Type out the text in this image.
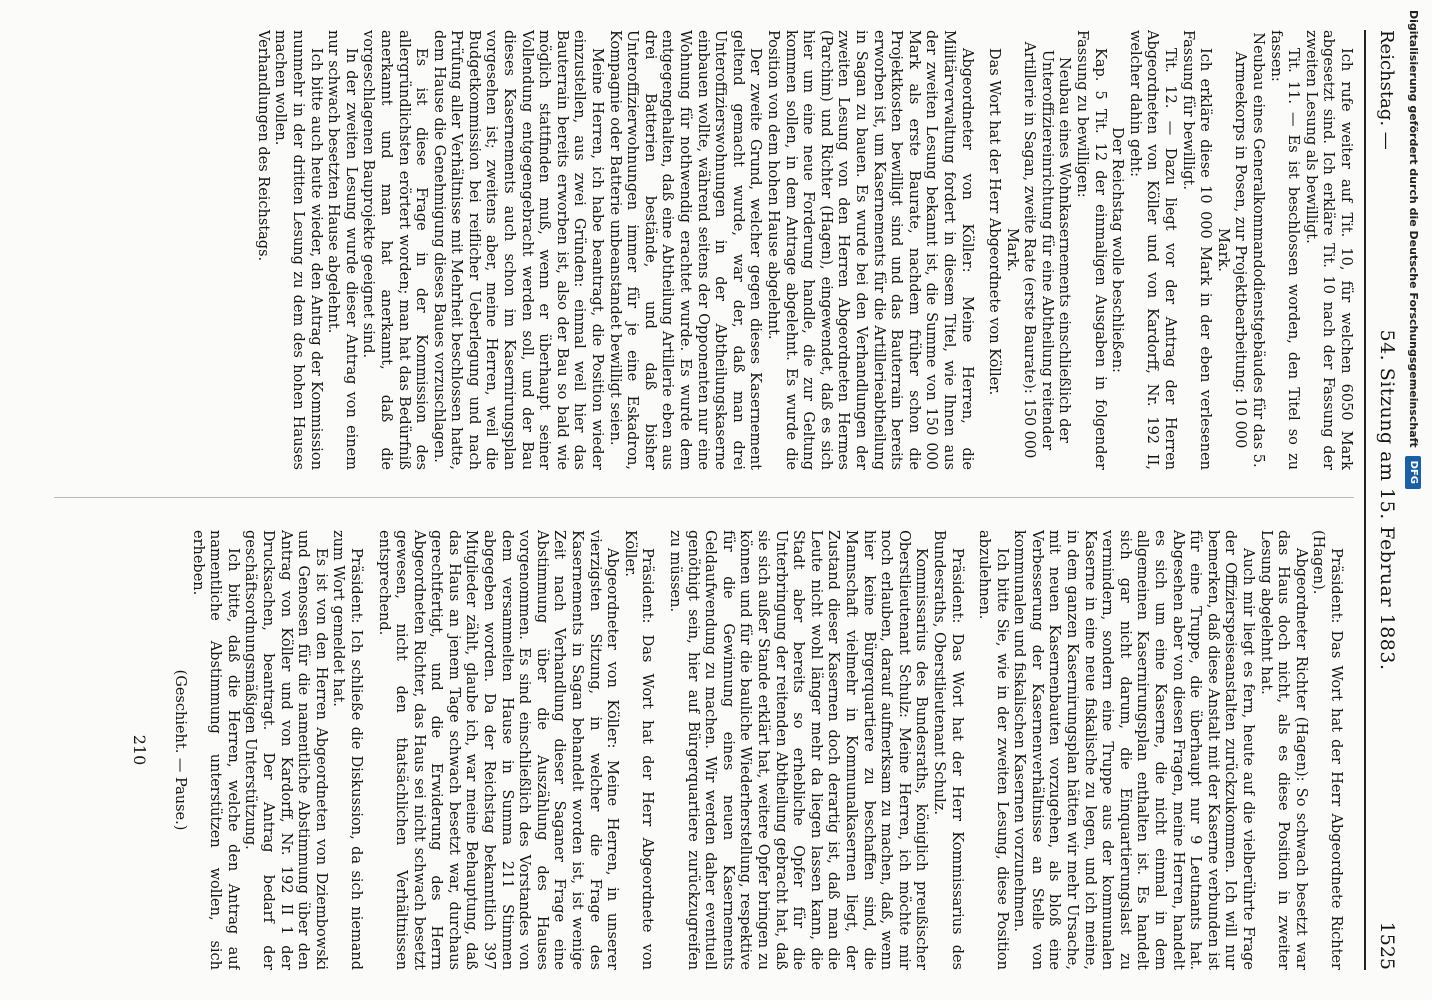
Reichstag. —
54. Sitzung am 15. Februar 1883.
1525

Ich rufe weiter auf Tit. 10, für welchen 6050 Mark abgesetzt sind. Ich erkläre Tit. 10 nach der Fassung der zweiten Lesung als bewilligt.

Tit. 11. — Es ist beschlossen worden, den Titel so zu fassen:

Neubau eines Generalkommandodienstgebäudes für das 5. Armeekorps in Posen, zur Projektbearbeitung: 10 000 Mark.

Ich erkläre diese 10 000 Mark in der eben verlesenen Fassung für bewilligt.

Tit. 12. — Dazu liegt vor der Antrag der Herren Abgeordneten von Köller und von Kardorff, Nr. 192 II, welcher dahin geht:

Der Reichstag wolle beschließen:

Kap. 5 Tit. 12 der einmaligen Ausgaben in folgender Fassung zu bewilligen:

Neubau eines Wohnkasernements einschließlich der Unteroffiziereinrichtung für eine Abtheilung reitender Artillerie in Sagan, zweite Rate (erste Baurate): 150 000 Mark.

Das Wort hat der Herr Abgeordnete von Köller.

Abgeordneter von Köller: Meine Herren, die Militärverwaltung fordert in diesem Titel, wie Ihnen aus der zweiten Lesung bekannt ist, die Summe von 150 000 Mark als erste Baurate, nachdem früher schon die Projektkosten bewilligt sind und das Bauterrain bereits erworben ist, um Kasernements für die Artillerieabtheilung in Sagan zu bauen. Es wurde bei den Verhandlungen der zweiten Lesung von den Herren Abgeordneten Hermes (Parchim) und Richter (Hagen), eingewendet, daß es sich hier um eine neue Forderung handle, die zur Geltung kommen sollen, in dem Antrage abgelehnt. Es wurde die Position von dem hohen Hause abgelehnt.

Der zweite Grund, welcher gegen dieses Kasernement geltend gemacht wurde, war der, daß man drei Unteroffizierswohnungen in der Abtheilungskaserne einbauen wollte, während seitens der Opponenten nur eine Wohnung für nothwendig erachtet wurde. Es wurde dem entgegengehalten, daß eine Abtheilung Artillerie eben aus drei Batterien bestände, und daß bisher Unteroffizierwohnungen immer für je eine Eskadron, Kompagnie oder Batterie unbeanstandet bewilligt seien.

Meine Herren, ich habe beantragt, die Position wieder einzustellen, aus zwei Gründen: einmal weil hier das Bauterrain bereits erworben ist, also der Bau so bald wie möglich stattfinden muß, wenn er überhaupt seiner Vollendung entgegengebracht werden soll, und der Bau dieses Kasernements auch schon im Kasernirungsplan vorgesehen ist; zweitens aber, meine Herren, weil die Budgetkommission bei reiflicher Ueberlegung und nach Prüfung aller Verhältnisse mit Mehrheit beschlossen hatte, dem Hause die Genehmigung dieses Baues vorzuschlagen.

Es ist diese Frage in der Kommission des allergründlichsten erörtert worden; man hat das Bedürfniß anerkannt und man hat anerkannt, daß die vorgeschlagenen Bauprojekte geeignet sind.

In der zweiten Lesung wurde dieser Antrag von einem nur schwach besetzten Hause abgelehnt.

Ich bitte auch heute wieder, den Antrag der Kommission nunmehr in der dritten Lesung zu dem des hohen Hauses machen wollen.

Verhandlungen des Reichstags.

Präsident: Das Wort hat der Herr Abgeordnete Richter (Hagen).

Abgeordneter Richter (Hagen): So schwach besetzt war das Haus doch nicht, als es diese Position in zweiter Lesung abgelehnt hat.

Auch mir liegt es fern, heute auf die vielberührte Frage der Offizierspeiseanstalten zurückzukommen. Ich will nur bemerken, daß diese Anstalt mit der Kaserne verbunden ist für eine Truppe, die überhaupt nur 9 Leutnants hat. Abgesehen aber von diesen Fragen, meine Herren, handelt es sich um eine Kaserne, die nicht einmal in dem allgemeinen Kasernirungsplan enthalten ist. Es handelt sich gar nicht darum, die Einquartierungslast zu vermindern, sondern eine Truppe aus der kommunalen Kaserne in eine neue fiskalische zu legen, und ich meine, in dem ganzen Kasernirungsplan hätten wir mehr Ursache, mit neuen Kasernenbauten vorzugehen, als bloß eine Verbesserung der Kasernenverhältnisse an Stelle von kommunalen und fiskalischen Kasernen vorzunehmen.

Ich bitte Sie, wie in der zweiten Lesung, diese Position abzulehnen.

Präsident: Das Wort hat der Herr Kommissarius des Bundesraths, Oberstlieutenant Schulz.

Kommissarius des Bundesraths, königlich preußischer Oberstlieutenant Schulz: Meine Herren, ich möchte mir noch erlauben, darauf aufmerksam zu machen, daß, wenn hier keine Bürgerquartiere zu beschaffen sind, die Mannschaft vielmehr in Kommunalkasernen liegt, der Zustand dieser Kasernen doch derartig ist, daß man die Leute nicht wohl länger mehr da liegen lassen kann, die Stadt aber bereits so erhebliche Opfer für die Unterbringung der reitenden Abtheilung gebracht hat, daß sie sich außer Stande erklärt hat, weitere Opfer bringen zu können und für die bauliche Wiederherstellung, respektive für die Gewinnung eines neuen Kasernements Geldaufwendung zu machen. Wir werden daher eventuell genöthigt sein, hier auf Bürgerquartiere zurückzugreifen zu müssen.

Präsident: Das Wort hat der Herr Abgeordnete von Köller.

Abgeordneter von Köller: Meine Herren, in unserer vierzigsten Sitzung, in welcher die Frage des Kasernements in Sagan behandelt worden ist, ist wenige Zeit nach Verhandlung dieser Saganer Frage eine Abstimmung über die Auszählung des Hauses vorgenommen. Es sind einschließlich des Vorstandes von dem versammelten Hause in Summa 211 Stimmen abgegeben worden. Da der Reichstag bekanntlich 397 Mitglieder zählt, glaube ich, war meine Behauptung, daß das Haus an jenem Tage schwach besetzt war, durchaus gerechtfertigt, und die Erwiderung des Herrn Abgeordneten Richter, das Haus sei nicht schwach besetzt gewesen, nicht den thatsächlichen Verhältnissen entsprechend.

Präsident: Ich schließe die Diskussion, da sich niemand zum Wort gemeldet hat.

Es ist von den Herren Abgeordneten von Dziembowski und Genossen für die namentliche Abstimmung über den Antrag von Köller und von Kardorff, Nr. 192 II 1 der Drucksachen, beantragt. Der Antrag bedarf der geschäftsordnungsmäßigen Unterstützung.

Ich bitte, daß die Herren, welche den Antrag auf namentliche Abstimmung unterstützen wollen, sich erheben.

(Geschieht. — Pause.)

210

Digitalisierung gefördert durch die Deutsche Forschungsgemeinschaft
DFG
